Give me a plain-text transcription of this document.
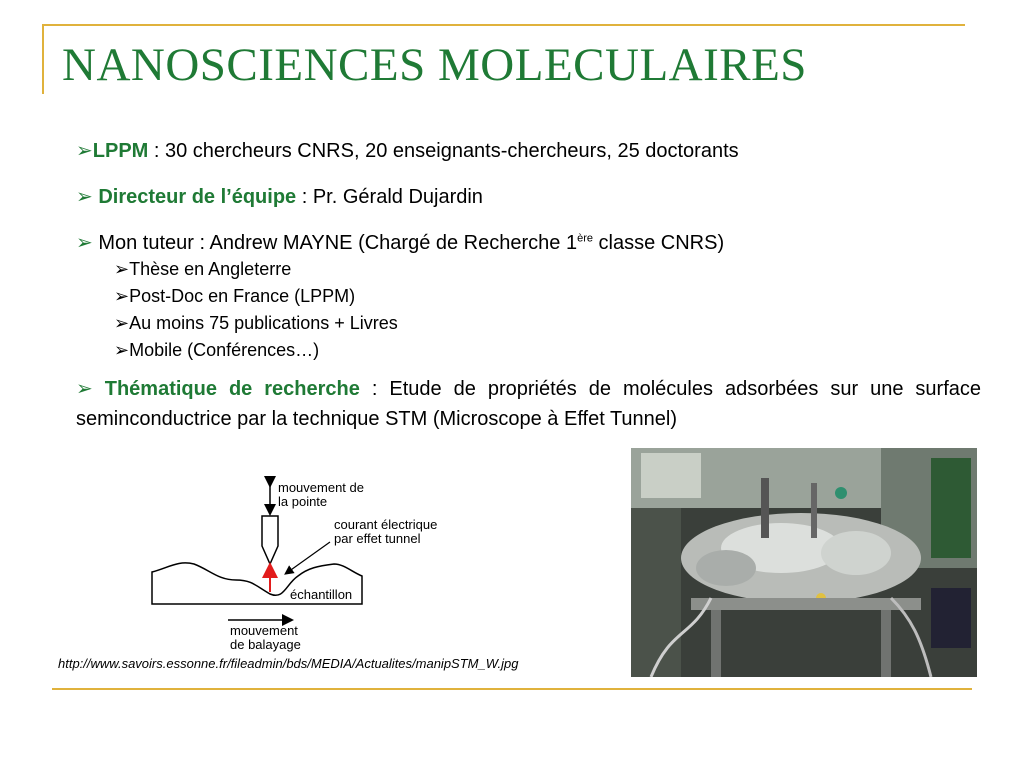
NANOSCIENCES MOLECULAIRES
➢LPPM : 30 chercheurs CNRS, 20 enseignants-chercheurs, 25 doctorants
➢ Directeur de l’équipe : Pr. Gérald Dujardin
➢ Mon tuteur : Andrew MAYNE (Chargé de Recherche 1ère classe CNRS)
➢Thèse en Angleterre
➢Post-Doc en France (LPPM)
➢Au moins 75 publications + Livres
➢Mobile (Conférences…)

➢ Thématique de recherche : Etude de propriétés de molécules adsorbées sur une surface seminconductrice par la technique STM (Microscope à Effet Tunnel)

mouvement de
la pointe
courant électrique
par effet tunnel
échantillon
mouvement
de balayage
http://www.savoirs.essonne.fr/fileadmin/bds/MEDIA/Actualites/manipSTM_W.jpg
